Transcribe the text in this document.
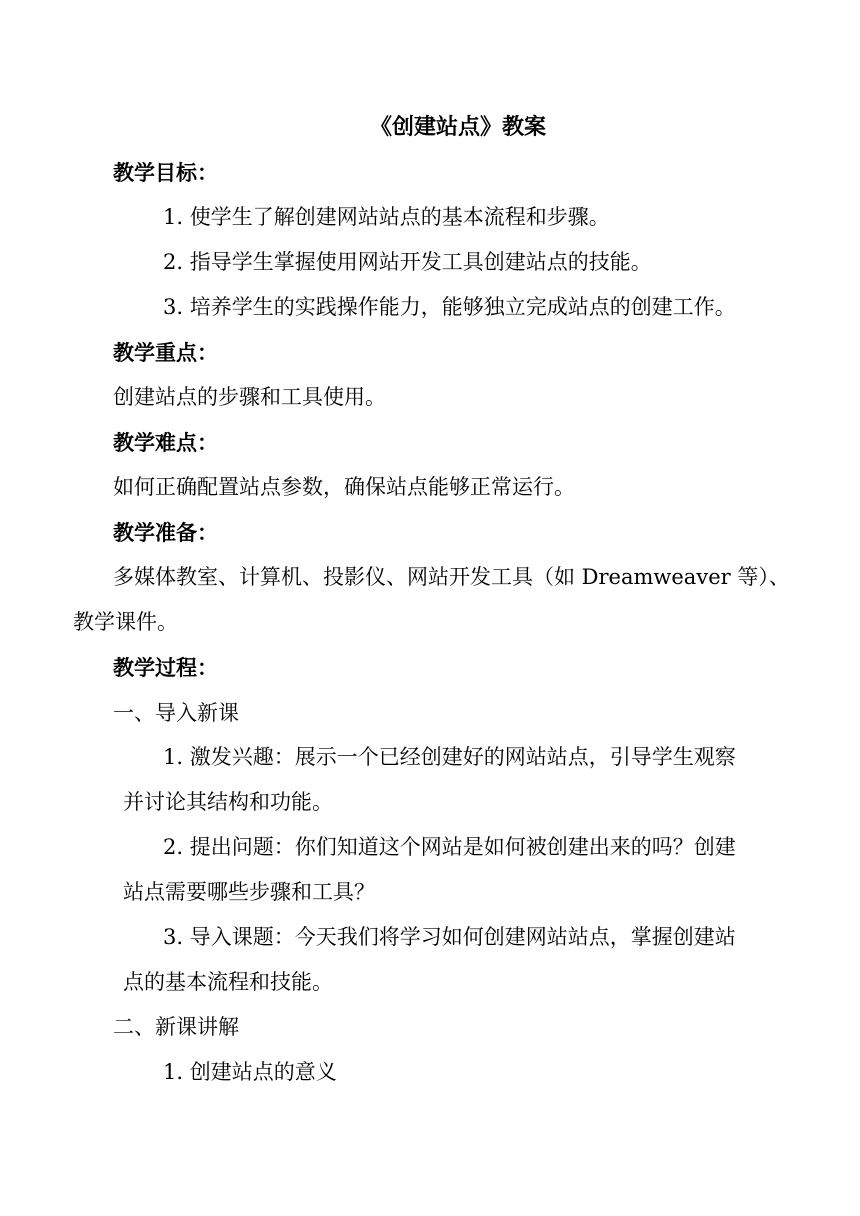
《创建站点》教案
教学目标：
1. 使学生了解创建网站站点的基本流程和步骤。
2. 指导学生掌握使用网站开发工具创建站点的技能。
3. 培养学生的实践操作能力，能够独立完成站点的创建工作。
教学重点：
创建站点的步骤和工具使用。
教学难点：
如何正确配置站点参数，确保站点能够正常运行。
教学准备：
多媒体教室、计算机、投影仪、网站开发工具（如 Dreamweaver 等）、
教学课件。
教学过程：
一、导入新课
1. 激发兴趣：展示一个已经创建好的网站站点，引导学生观察
并讨论其结构和功能。
2. 提出问题：你们知道这个网站是如何被创建出来的吗？创建
站点需要哪些步骤和工具？
3. 导入课题：今天我们将学习如何创建网站站点，掌握创建站
点的基本流程和技能。
二、新课讲解
1. 创建站点的意义
